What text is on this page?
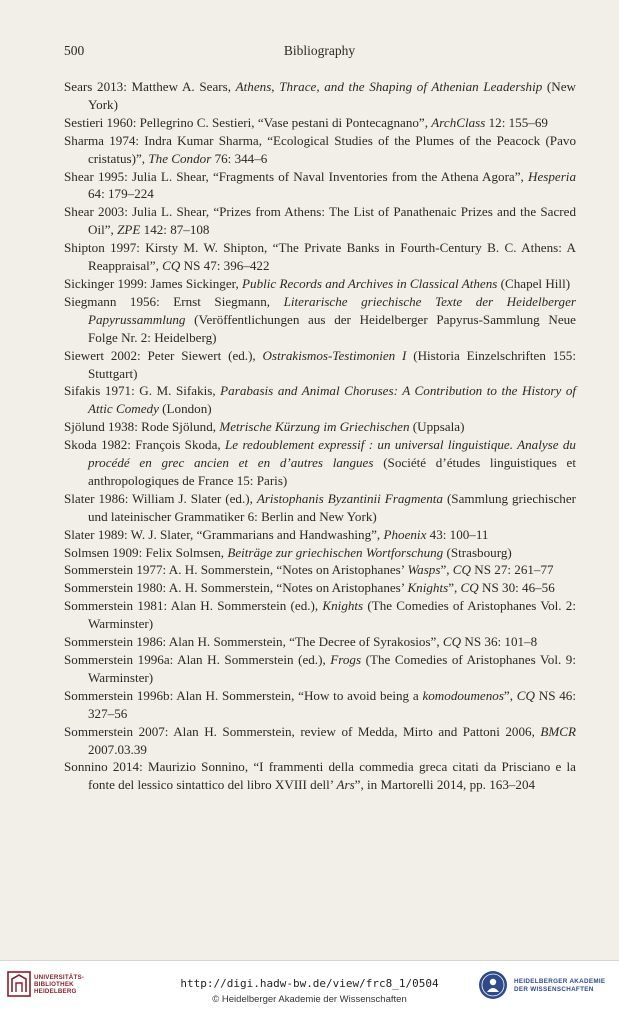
500	Bibliography

Sears 2013: Matthew A. Sears, Athens, Thrace, and the Shaping of Athenian Leadership (New York)

Sestieri 1960: Pellegrino C. Sestieri, “Vase pestani di Pontecagnano”, ArchClass 12: 155–69

Sharma 1974: Indra Kumar Sharma, “Ecological Studies of the Plumes of the Peacock (Pavo cristatus)”, The Condor 76: 344–6

Shear 1995: Julia L. Shear, “Fragments of Naval Inventories from the Athena Agora”, Hesperia 64: 179–224

Shear 2003: Julia L. Shear, “Prizes from Athens: The List of Panathenaic Prizes and the Sacred Oil”, ZPE 142: 87–108

Shipton 1997: Kirsty M. W. Shipton, “The Private Banks in Fourth-Century B. C. Athens: A Reappraisal”, CQ NS 47: 396–422

Sickinger 1999: James Sickinger, Public Records and Archives in Classical Athens (Chapel Hill)

Siegmann 1956: Ernst Siegmann, Literarische griechische Texte der Heidelberger Papyrussammlung (Veröffentlichungen aus der Heidelberger Papyrus-Sammlung Neue Folge Nr. 2: Heidelberg)

Siewert 2002: Peter Siewert (ed.), Ostrakismos-Testimonien I (Historia Einzelschriften 155: Stuttgart)

Sifakis 1971: G. M. Sifakis, Parabasis and Animal Choruses: A Contribution to the History of Attic Comedy (London)

Sjölund 1938: Rode Sjölund, Metrische Kürzung im Griechischen (Uppsala)

Skoda 1982: François Skoda, Le redoublement expressif : un universal linguistique. Analyse du procédé en grec ancien et en d’autres langues (Société d’études linguistiques et anthropologiques de France 15: Paris)

Slater 1986: William J. Slater (ed.), Aristophanis Byzantinii Fragmenta (Sammlung griechischer und lateinischer Grammatiker 6: Berlin and New York)

Slater 1989: W. J. Slater, “Grammarians and Handwashing”, Phoenix 43: 100–11

Solmsen 1909: Felix Solmsen, Beiträge zur griechischen Wortforschung (Strasbourg)

Sommerstein 1977: A. H. Sommerstein, “Notes on Aristophanes’ Wasps”, CQ NS 27: 261–77

Sommerstein 1980: A. H. Sommerstein, “Notes on Aristophanes’ Knights”, CQ NS 30: 46–56

Sommerstein 1981: Alan H. Sommerstein (ed.), Knights (The Comedies of Aristophanes Vol. 2: Warminster)

Sommerstein 1986: Alan H. Sommerstein, “The Decree of Syrakosios”, CQ NS 36: 101–8

Sommerstein 1996a: Alan H. Sommerstein (ed.), Frogs (The Comedies of Aristophanes Vol. 9: Warminster)

Sommerstein 1996b: Alan H. Sommerstein, “How to avoid being a komodoumenos”, CQ NS 46: 327–56

Sommerstein 2007: Alan H. Sommerstein, review of Medda, Mirto and Pattoni 2006, BMCR 2007.03.39

Sonnino 2014: Maurizio Sonnino, “I frammenti della commedia greca citati da Prisciano e la fonte del lessico sintattico del libro XVIII dell’ Ars”, in Martorelli 2014, pp. 163–204

UNIVERSITÄTS-
BIBLIOTHEK
HEIDELBERG
http://digi.hadw-bw.de/view/frc8_1/0504
© Heidelberger Akademie der Wissenschaften
HEIDELBERGER AKADEMIE
DER WISSENSCHAFTEN
